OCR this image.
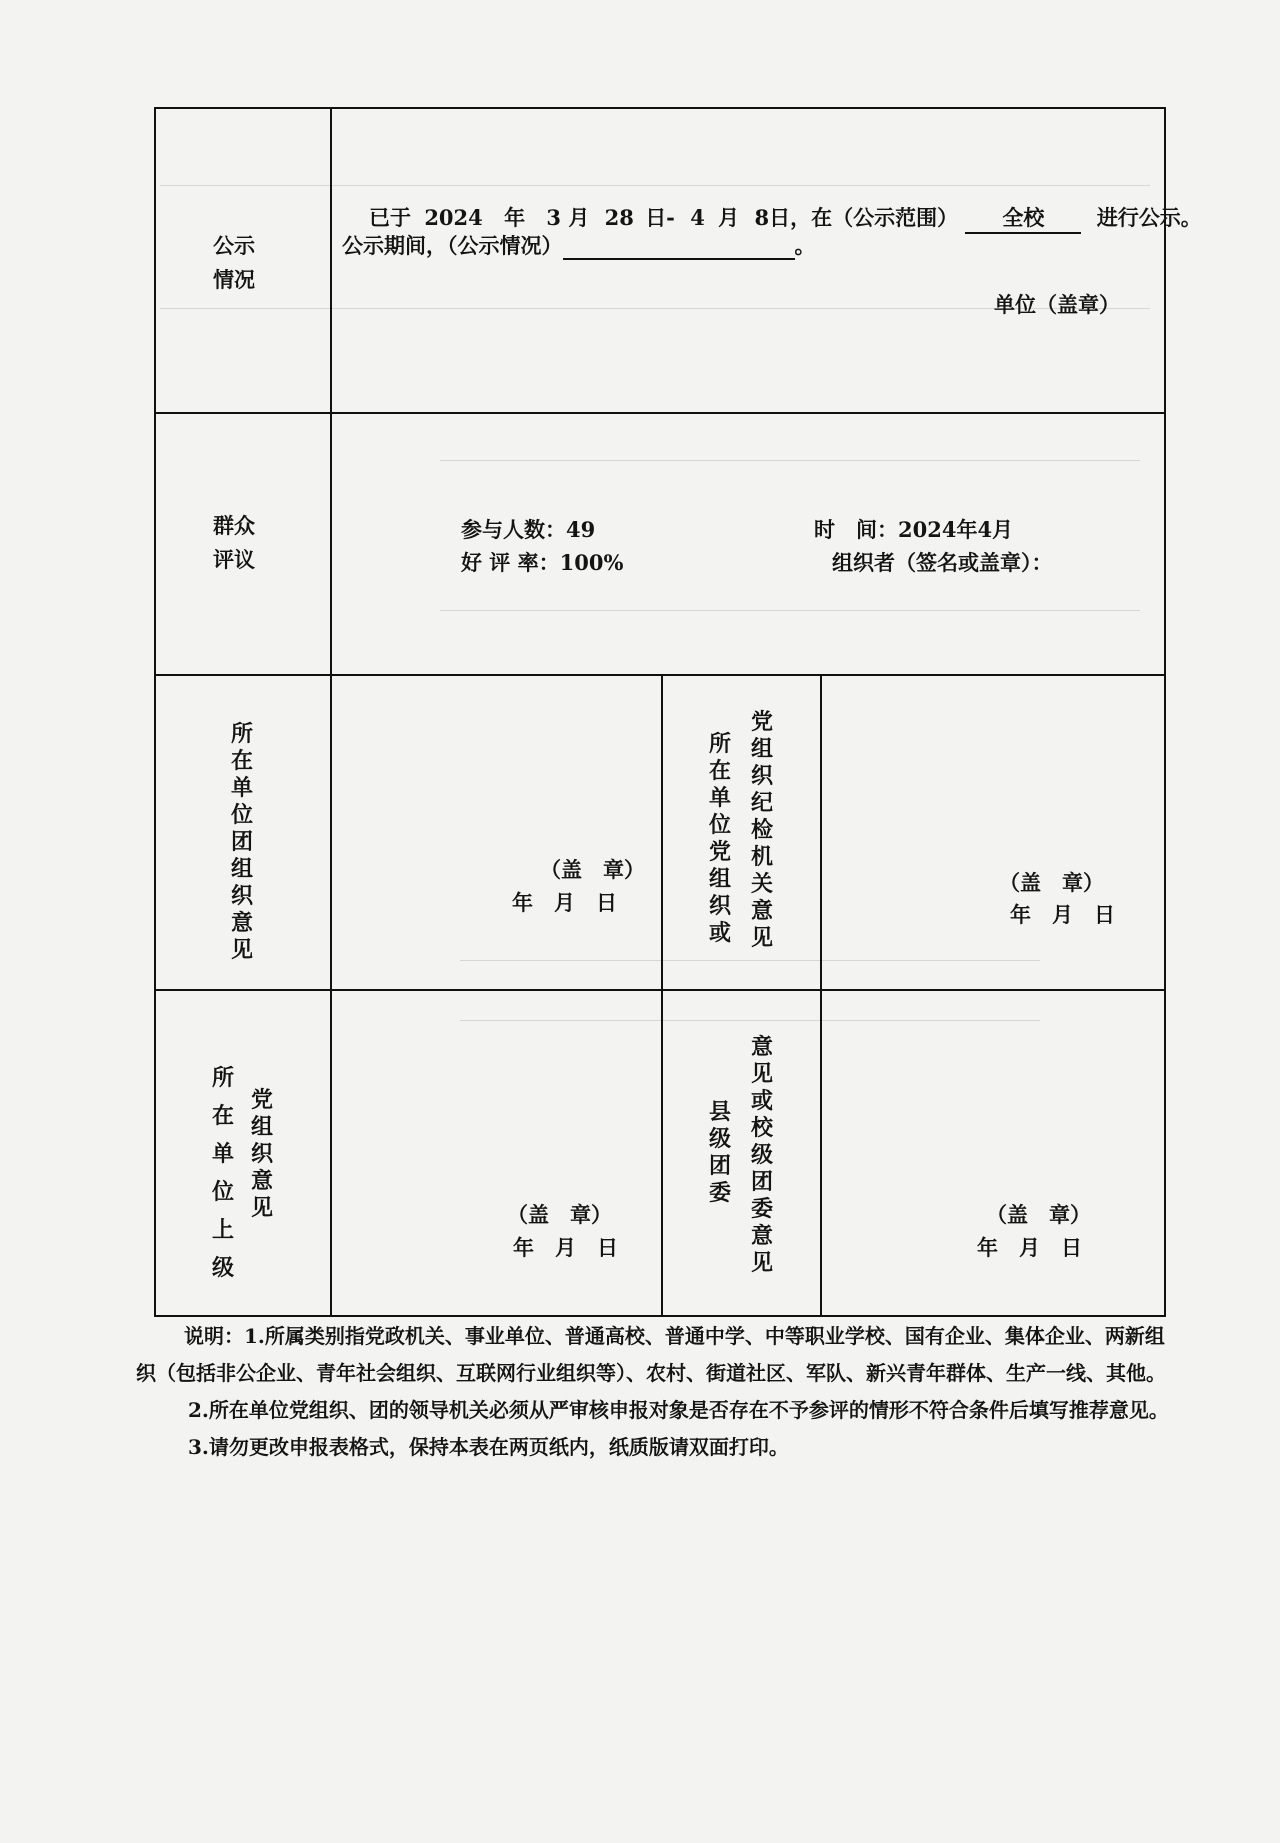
公示情况
已于 2024 年 3 月 28 日- 4 月 8日，在（公示范围） 全校 进行公示。
公示期间，（公示情况）	。
单位（盖章）
群众评议
参与人数：49
好 评 率：100%
时　间：2024年4月
组织者（签名或盖章）：
所在单位团组织意见
（盖　章）
年　月　日
所在单位党组织或
党组织纪检机关意见
（盖　章）
年　月　日
所在单位上级
党组织意见	（盖　章）
年　月　日
意见或校级团委意见
县级团委
（盖　章）
年　月　日

说明：1.所属类别指党政机关、事业单位、普通高校、普通中学、中等职业学校、国有企业、集体企业、两新组织（包括非公企业、青年社会组织、互联网行业组织等）、农村、街道社区、军队、新兴青年群体、生产一线、其他。

2.所在单位党组织、团的领导机关必须从严审核申报对象是否存在不予参评的情形不符合条件后填写推荐意见。

3.请勿更改申报表格式，保持本表在两页纸内，纸质版请双面打印。
